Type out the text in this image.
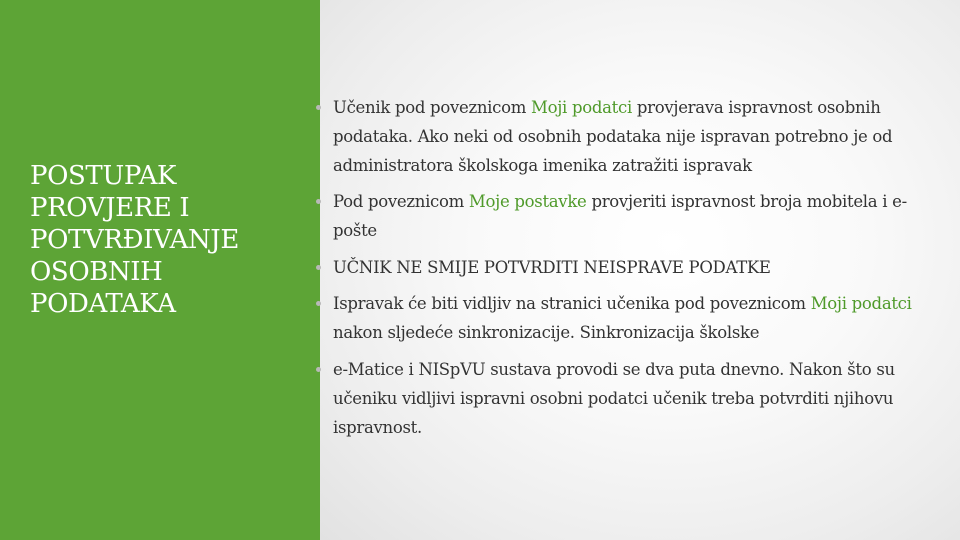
POSTUPAK PROVJERE I POTVRĐIVANJE OSOBNIH PODATAKA
Učenik pod poveznicom Moji podatci provjerava ispravnost osobnih podataka. Ako neki od osobnih podataka nije ispravan potrebno je od administratora školskoga imenika zatražiti ispravak
Pod poveznicom Moje postavke provjeriti ispravnost broja mobitela i e-pošte
UČNIK NE SMIJE POTVRDITI NEISPRAVE PODATKE
Ispravak će biti vidljiv na stranici učenika pod poveznicom Moji podatci nakon sljedeće sinkronizacije. Sinkronizacija školske
e-Matice i NISpVU sustava provodi se dva puta dnevno. Nakon što su učeniku vidljivi ispravni osobni podatci učenik treba potvrditi njihovu ispravnost.
